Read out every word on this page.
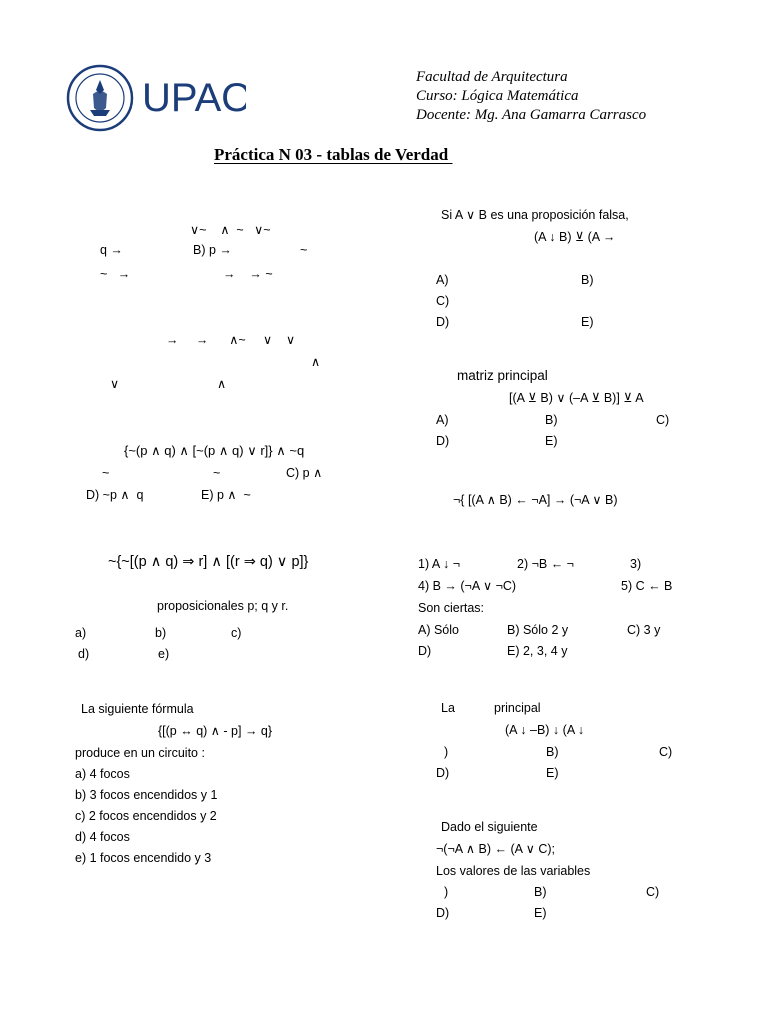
UPAO	Facultad de Arquitectura
Curso: Lógica Matemática
Docente: Mg. Ana Gamarra Carrasco
Práctica N 03 - tablas de Verdad
∨~    ∧  ~   ∨~
q →	B) p →	~
~   →	→    → ~
→     →      ∧~     ∨    ∨
∧
∨	∧
{~(p ∧ q) ∧ [~(p ∧ q) ∨ r]} ∧ ~q
~	~	C) p ∧
D) ~p ∧  q	E) p ∧  ~
~{~[(p ∧ q) ⇒ r] ∧ [(r ⇒ q) ∨ p]}
proposicionales p; q y r.
a)	b)	c)
d)	e)
La siguiente fórmula
{[(p ↔ q) ∧ - p] → q}
produce en un circuito :
a) 4 focos
b) 3 focos encendidos y 1
c) 2 focos encendidos y 2
d) 4 focos
e) 1 focos encendido y 3
Si A ∨ B es una proposición falsa,
(A ↓ B) ⊻ (A →
A)	B)
C)
D)	E)
matriz principal
[(A ⊻ B) ∨ (–A ⊻ B)] ⊻ A
A)	B)	C)
D)	E)
¬{ [(A ∧ B) ← ¬A] → (¬A ∨ B)
1) A ↓ ¬	2) ¬B ← ¬	3)
4) B → (¬A ∨ ¬C)	5) C ← B
Son ciertas:
A) Sólo	B) Sólo 2 y	C) 3 y
D)	E) 2, 3, 4 y
La	principal
(A ↓ –B) ↓ (A ↓
)	B)	C)
D)	E)
Dado el siguiente
¬(¬A ∧ B) ← (A ∨ C);
Los valores de las variables
)	B)	C)
D)	E)
